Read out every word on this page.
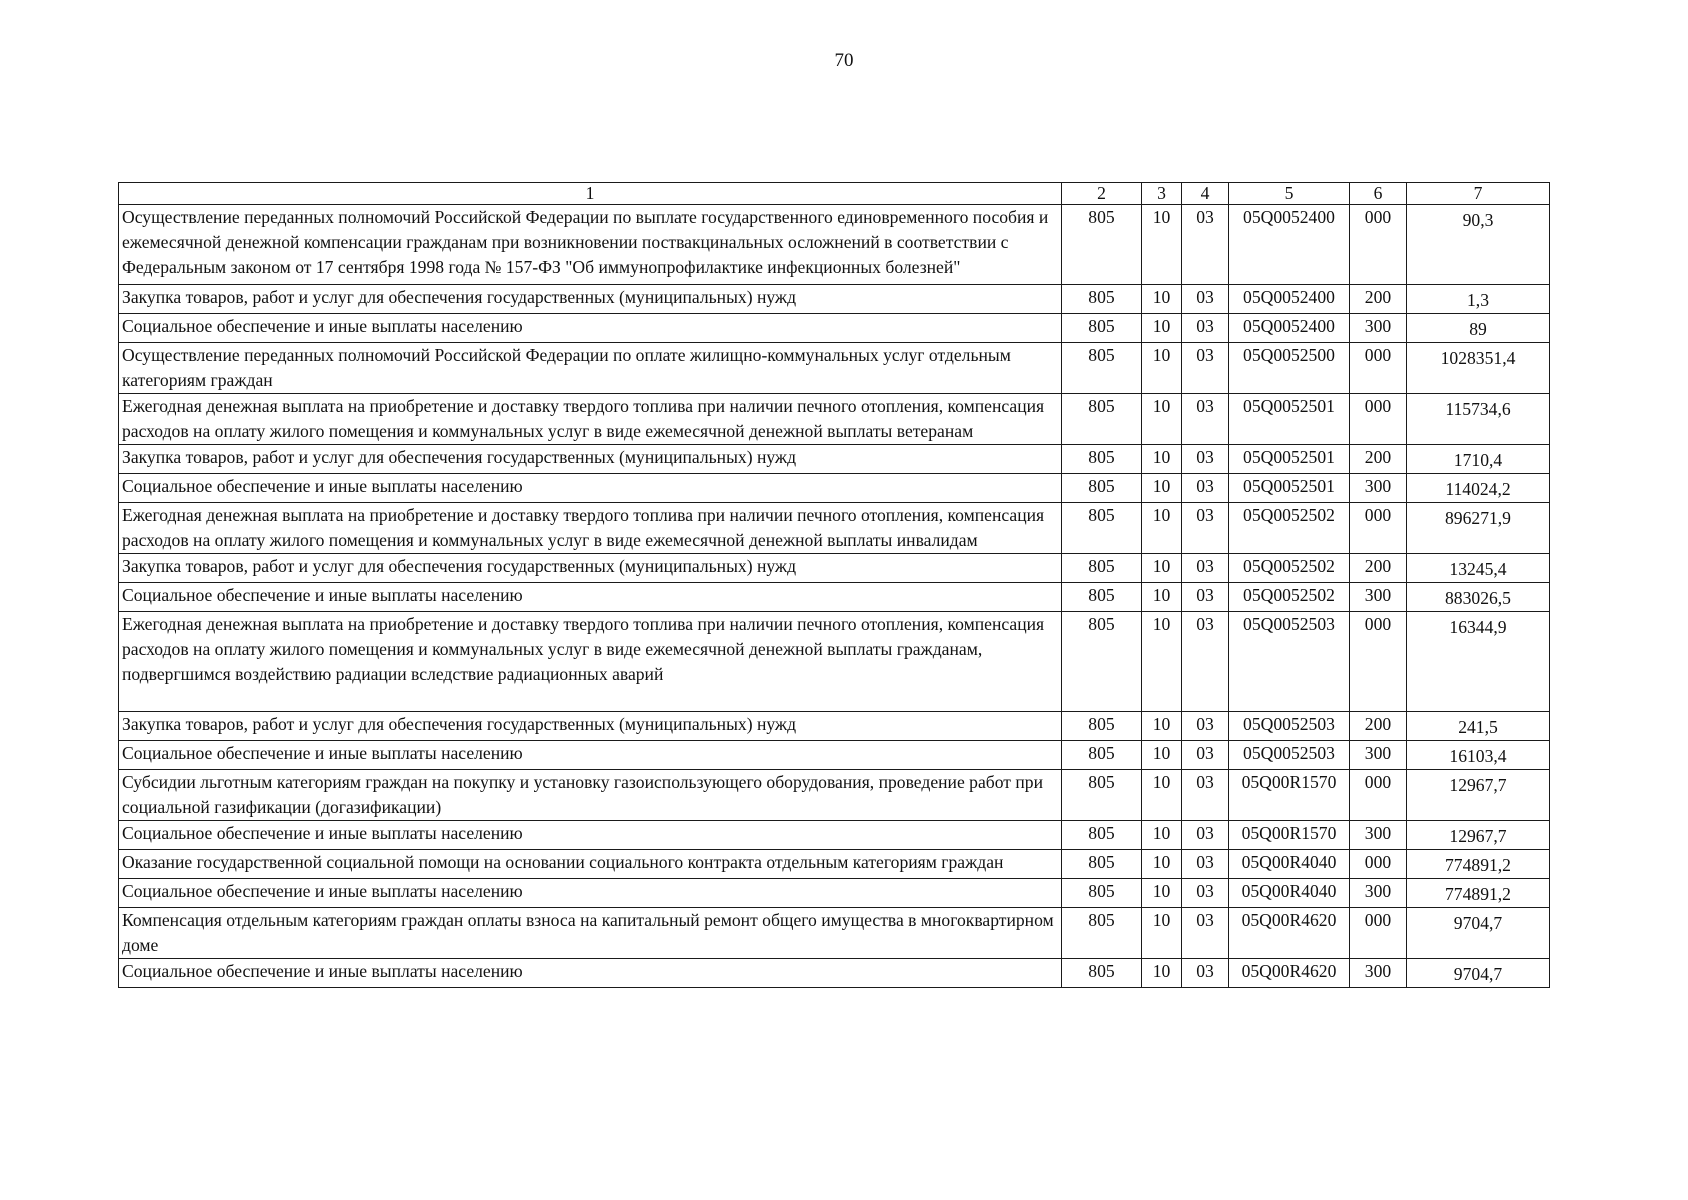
70
1	2	3	4	5	6	7
Осуществление переданных полномочий Российской Федерации по выплате государственного единовременного пособия и ежемесячной денежной компенсации гражданам при возникновении поствакцинальных осложнений в соответствии с Федеральным законом от 17 сентября 1998 года № 157-ФЗ "Об иммунопрофилактике инфекционных болезней"	805	10	03	05Q0052400	000	90,3
Закупка товаров, работ и услуг для обеспечения государственных (муниципальных) нужд	805	10	03	05Q0052400	200	1,3
Социальное обеспечение и иные выплаты населению	805	10	03	05Q0052400	300	89
Осуществление переданных полномочий Российской Федерации по оплате жилищно-коммунальных услуг отдельным категориям граждан	805	10	03	05Q0052500	000	1028351,4
Ежегодная денежная выплата на приобретение и доставку твердого топлива при наличии печного отопления, компенсация расходов на оплату жилого помещения и коммунальных услуг в виде ежемесячной денежной выплаты ветеранам	805	10	03	05Q0052501	000	115734,6
Закупка товаров, работ и услуг для обеспечения государственных (муниципальных) нужд	805	10	03	05Q0052501	200	1710,4
Социальное обеспечение и иные выплаты населению	805	10	03	05Q0052501	300	114024,2
Ежегодная денежная выплата на приобретение и доставку твердого топлива при наличии печного отопления, компенсация расходов на оплату жилого помещения и коммунальных услуг в виде ежемесячной денежной выплаты инвалидам	805	10	03	05Q0052502	000	896271,9
Закупка товаров, работ и услуг для обеспечения государственных (муниципальных) нужд	805	10	03	05Q0052502	200	13245,4
Социальное обеспечение и иные выплаты населению	805	10	03	05Q0052502	300	883026,5
Ежегодная денежная выплата на приобретение и доставку твердого топлива при наличии печного отопления, компенсация расходов на оплату жилого помещения и коммунальных услуг в виде ежемесячной денежной выплаты гражданам, подвергшимся воздействию радиации вследствие радиационных аварий	805	10	03	05Q0052503	000	16344,9
Закупка товаров, работ и услуг для обеспечения государственных (муниципальных) нужд	805	10	03	05Q0052503	200	241,5
Социальное обеспечение и иные выплаты населению	805	10	03	05Q0052503	300	16103,4
Субсидии льготным категориям граждан на покупку и установку газоиспользующего оборудования, проведение работ при социальной газификации (догазификации)	805	10	03	05Q00R1570	000	12967,7
Социальное обеспечение и иные выплаты населению	805	10	03	05Q00R1570	300	12967,7
Оказание государственной социальной помощи на основании социального контракта отдельным категориям граждан	805	10	03	05Q00R4040	000	774891,2
Социальное обеспечение и иные выплаты населению	805	10	03	05Q00R4040	300	774891,2
Компенсация отдельным категориям граждан оплаты взноса на капитальный ремонт общего имущества в многоквартирном доме	805	10	03	05Q00R4620	000	9704,7
Социальное обеспечение и иные выплаты населению	805	10	03	05Q00R4620	300	9704,7
